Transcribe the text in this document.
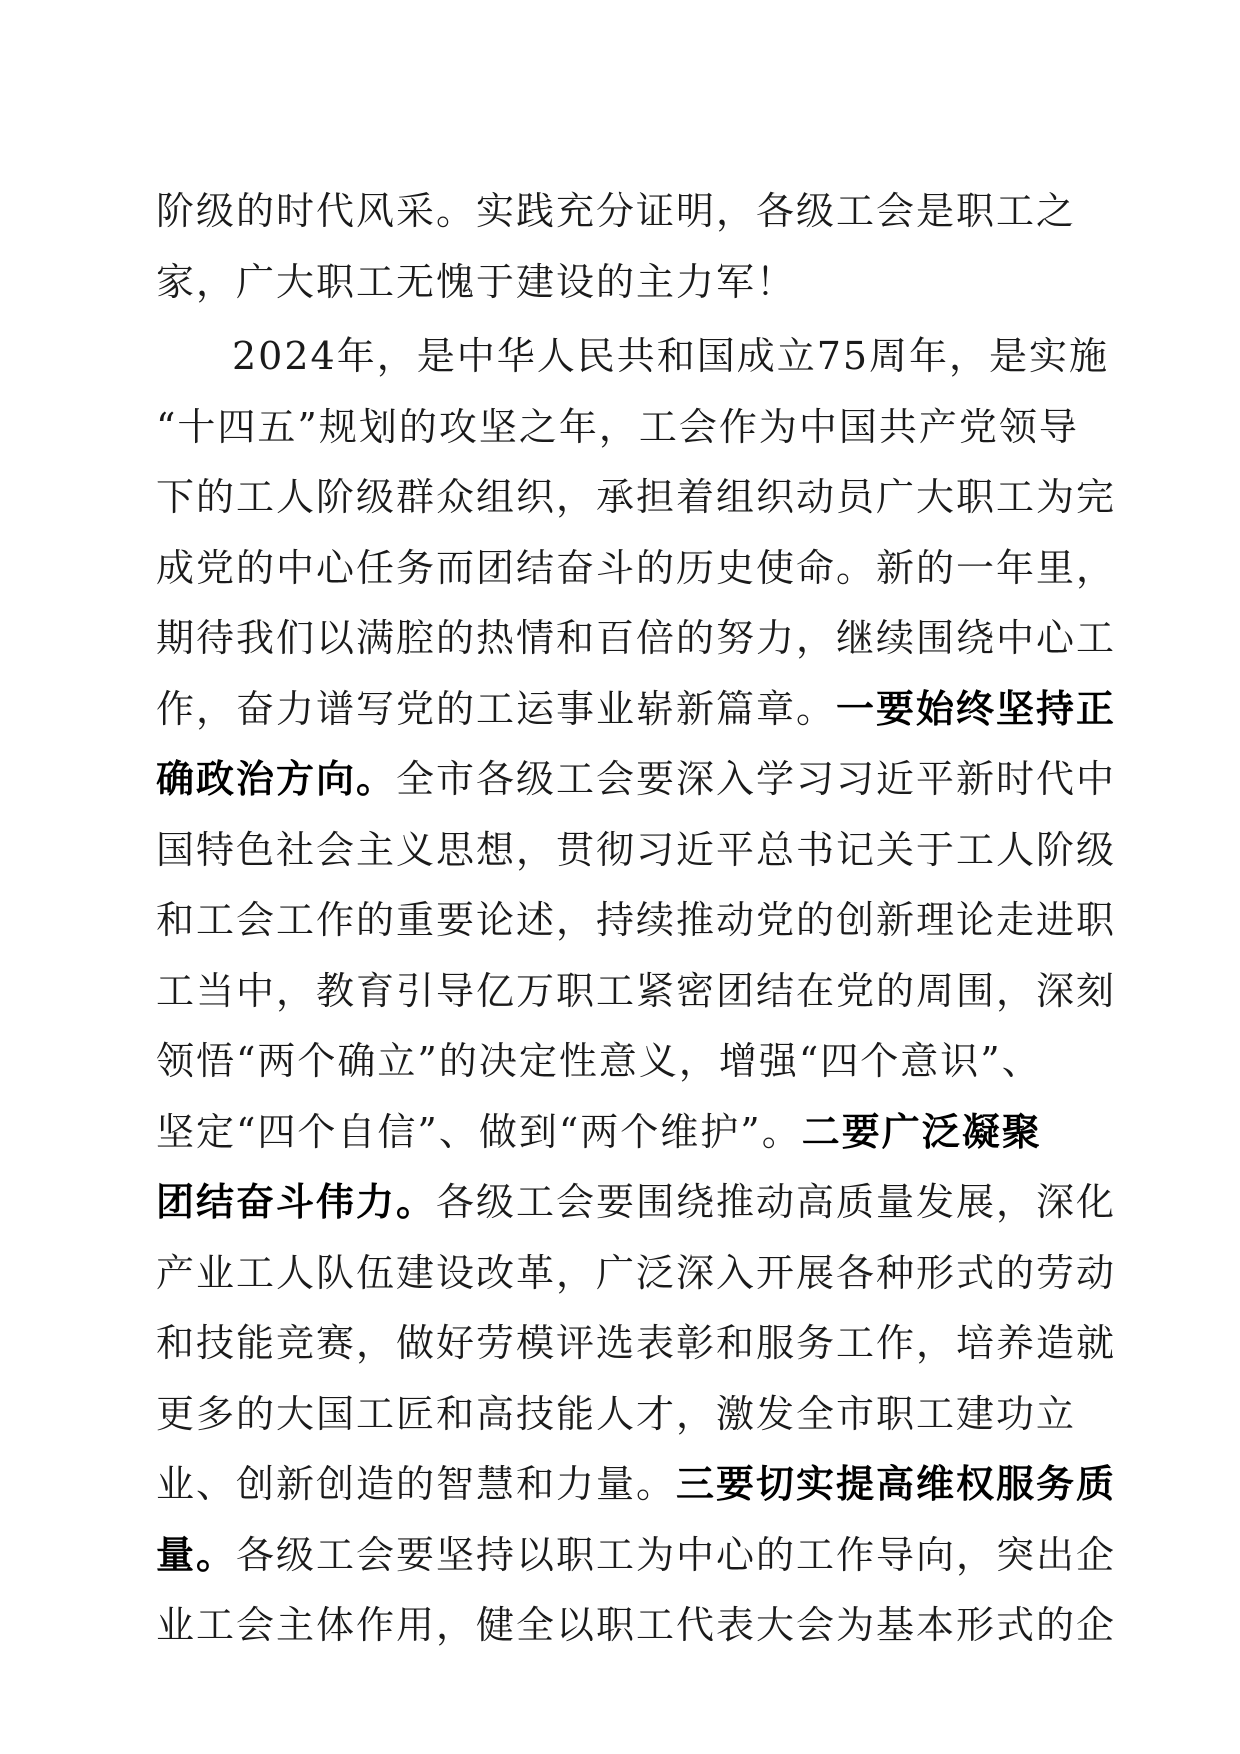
阶级的时代风采。实践充分证明，各级工会是职工之
家，广大职工无愧于建设的主力军！
2024年，是中华人民共和国成立75周年，是实施
“十四五”规划的攻坚之年，工会作为中国共产党领导
下的工人阶级群众组织，承担着组织动员广大职工为完
成党的中心任务而团结奋斗的历史使命。新的一年里，
期待我们以满腔的热情和百倍的努力，继续围绕中心工
作，奋力谱写党的工运事业崭新篇章。一要始终坚持正
确政治方向。全市各级工会要深入学习习近平新时代中
国特色社会主义思想，贯彻习近平总书记关于工人阶级
和工会工作的重要论述，持续推动党的创新理论走进职
工当中，教育引导亿万职工紧密团结在党的周围，深刻
领悟“两个确立”的决定性意义，增强“四个意识”、
坚定“四个自信”、做到“两个维护”。二要广泛凝聚
团结奋斗伟力。各级工会要围绕推动高质量发展，深化
产业工人队伍建设改革，广泛深入开展各种形式的劳动
和技能竞赛，做好劳模评选表彰和服务工作，培养造就
更多的大国工匠和高技能人才，激发全市职工建功立
业、创新创造的智慧和力量。三要切实提高维权服务质
量。各级工会要坚持以职工为中心的工作导向，突出企
业工会主体作用，健全以职工代表大会为基本形式的企
